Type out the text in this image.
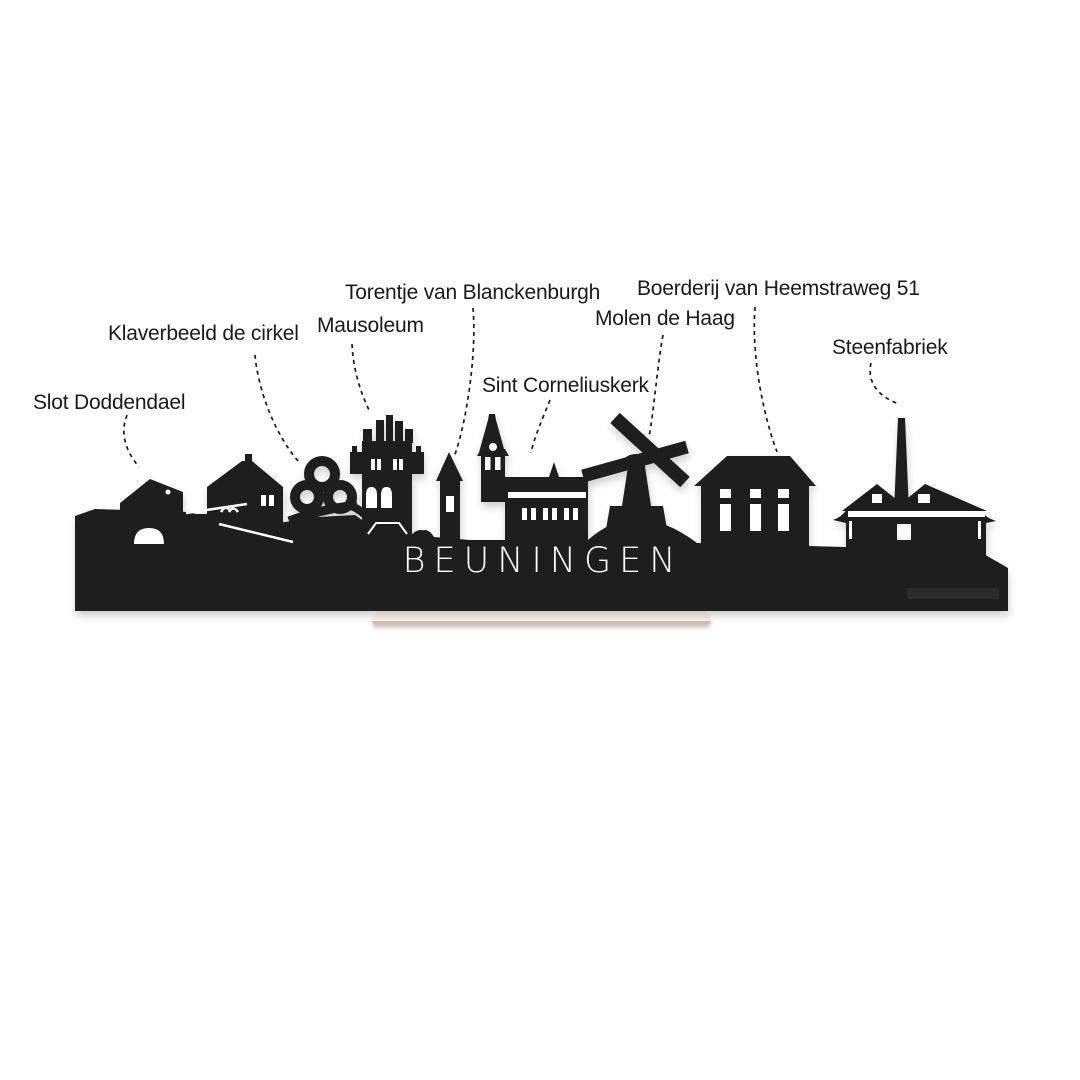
Slot Doddendael
Klaverbeeld de cirkel Mausoleum
Torentje van Blanckenburgh
Sint Corneliuskerk
Molen de Haag
Boerderij van Heemstraweg 51
Steenfabriek
BEUNINGEN
